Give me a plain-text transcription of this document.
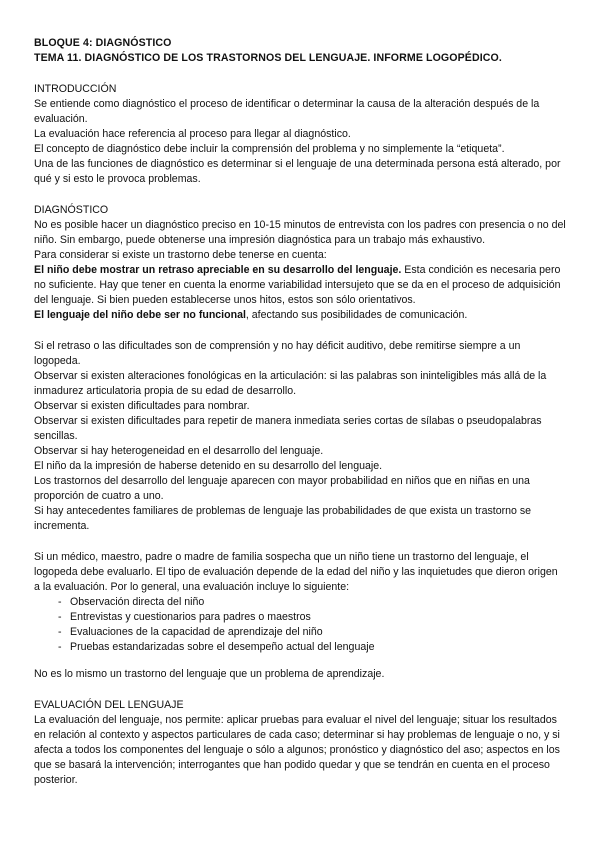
BLOQUE 4: DIAGNÓSTICO

TEMA 11. DIAGNÓSTICO DE LOS TRASTORNOS DEL LENGUAJE. INFORME LOGOPÉDICO.

INTRODUCCIÓN

Se entiende como diagnóstico el proceso de identificar o determinar la causa de la alteración después de la evaluación.

La evaluación hace referencia al proceso para llegar al diagnóstico.

El concepto de diagnóstico debe incluir la comprensión del problema y no simplemente la “etiqueta”.

Una de las funciones de diagnóstico es determinar si el lenguaje de una determinada persona está alterado, por qué y si esto le provoca problemas.

DIAGNÓSTICO

No es posible hacer un diagnóstico preciso en 10-15 minutos de entrevista con los padres con presencia o no del niño. Sin embargo, puede obtenerse una impresión diagnóstica para un trabajo más exhaustivo.

Para considerar si existe un trastorno debe tenerse en cuenta:

El niño debe mostrar un retraso apreciable en su desarrollo del lenguaje. Esta condición es necesaria pero no suficiente. Hay que tener en cuenta la enorme variabilidad intersujeto que se da en el proceso de adquisición del lenguaje. Si bien pueden establecerse unos hitos, estos son sólo orientativos.

El lenguaje del niño debe ser no funcional, afectando sus posibilidades de comunicación.

Si el retraso o las dificultades son de comprensión y no hay déficit auditivo, debe remitirse siempre a un logopeda.

Observar si existen alteraciones fonológicas en la articulación: si las palabras son ininteligibles más allá de la inmadurez articulatoria propia de su edad de desarrollo.

Observar si existen dificultades para nombrar.

Observar si existen dificultades para repetir de manera inmediata series cortas de sílabas o pseudopalabras sencillas.

Observar si hay heterogeneidad en el desarrollo del lenguaje.

El niño da la impresión de haberse detenido en su desarrollo del lenguaje.

Los trastornos del desarrollo del lenguaje aparecen con mayor probabilidad en niños que en niñas en una proporción de cuatro a uno.

Si hay antecedentes familiares de problemas de lenguaje las probabilidades de que exista un trastorno se incrementa.

Si un médico, maestro, padre o madre de familia sospecha que un niño tiene un trastorno del lenguaje, el logopeda debe evaluarlo. El tipo de evaluación depende de la edad del niño y las inquietudes que dieron origen a la evaluación. Por lo general, una evaluación incluye lo siguiente:

- Observación directa del niño
- Entrevistas y cuestionarios para padres o maestros
- Evaluaciones de la capacidad de aprendizaje del niño
- Pruebas estandarizadas sobre el desempeño actual del lenguaje

No es lo mismo un trastorno del lenguaje que un problema de aprendizaje.

EVALUACIÓN DEL LENGUAJE

La evaluación del lenguaje, nos permite: aplicar pruebas para evaluar el nivel del lenguaje; situar los resultados en relación al contexto y aspectos particulares de cada caso; determinar si hay problemas de lenguaje o no, y si afecta a todos los componentes del lenguaje o sólo a algunos; pronóstico y diagnóstico del aso; aspectos en los que se basará la intervención; interrogantes que han podido quedar y que se tendrán en cuenta en el proceso posterior.
